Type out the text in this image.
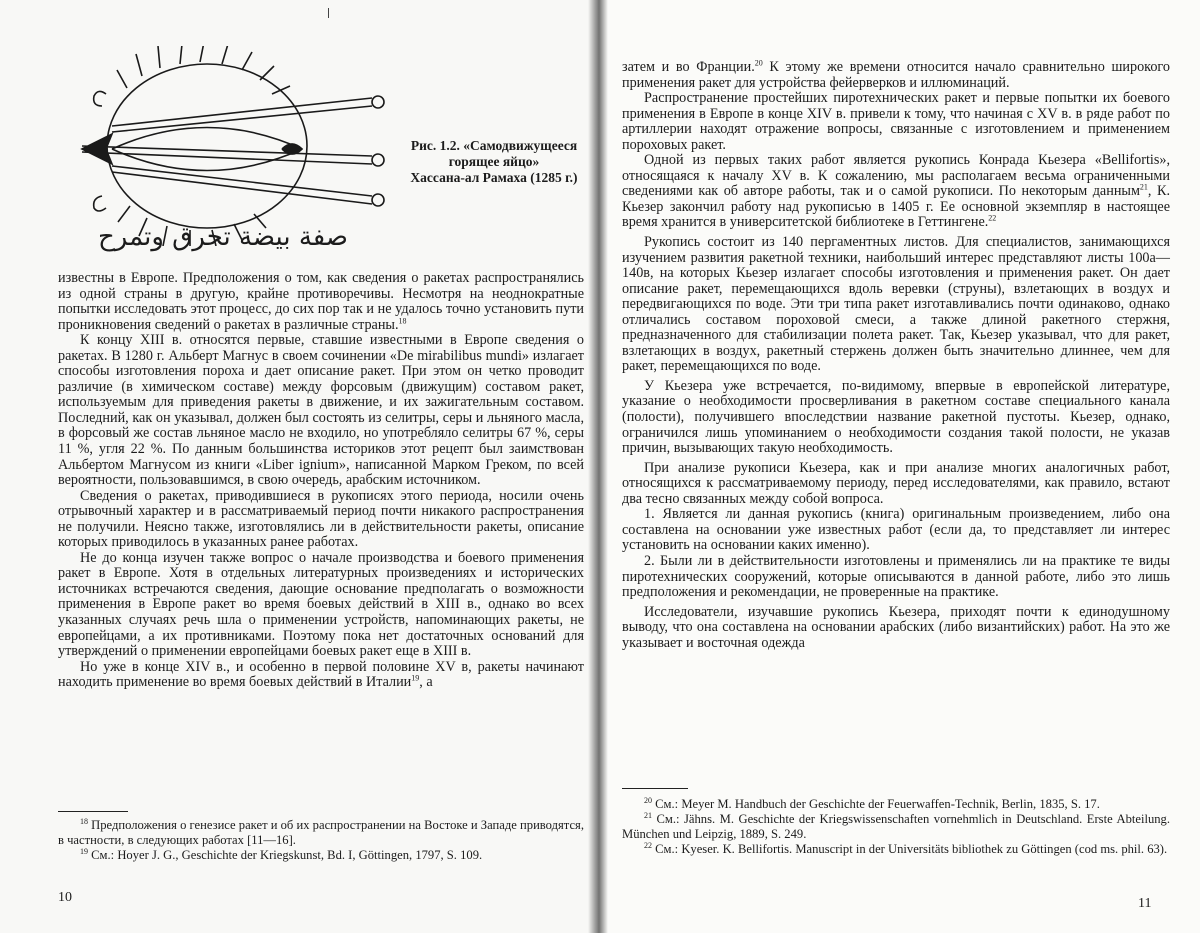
صفة بيضة تحرق وتمرح
Рис. 1.2. «Самодвижущееся
горящее яйцо»
Хассана-ал Рамаха (1285 г.)

известны в Европе. Предположения о том, как сведения о ракетах распространялись из одной страны в другую, крайне противоречивы. Несмотря на неоднократные попытки исследовать этот процесс, до сих пор так и не удалось точно установить пути проникновения сведений о ракетах в различные страны.$^{18}$

К концу XIII в. относятся первые, ставшие известными в Европе сведения о ракетах. В 1280 г. Альберт Магнус в своем сочинении «De mirabilibus mundi» излагает способы изготовления пороха и дает описание ракет. При этом он четко проводит различие (в химическом составе) между форсовым (движущим) составом ракет, используемым для приведения ракеты в движение, и их зажигательным составом. Последний, как он указывал, должен был состоять из селитры, серы и льняного масла, в форсовый же состав льняное масло не входило, но употребляло селитры 67 %, серы 11 %, угля 22 %. По данным большинства историков этот рецепт был заимствован Альбертом Магнусом из книги «Liber ignium», написанной Марком Греком, по всей вероятности, пользовавшимся, в свою очередь, арабским источником.

Сведения о ракетах, приводившиеся в рукописях этого периода, носили очень отрывочный характер и в рассматриваемый период почти никакого распространения не получили. Неясно также, изготовлялись ли в действительности ракеты, описание которых приводилось в указанных ранее работах.

Не до конца изучен также вопрос о начале производства и боевого применения ракет в Европе. Хотя в отдельных литературных произведениях и исторических источниках встречаются сведения, дающие основание предполагать о возможности применения в Европе ракет во время боевых действий в XIII в., однако во всех указанных случаях речь шла о применении устройств, напоминающих ракеты, не европейцами, а их противниками. Поэтому пока нет достаточных оснований для утверждений о применении европейцами боевых ракет еще в XIII в.

Но уже в конце XIV в., и особенно в первой половине XV в, ракеты начинают находить применение во время боевых действий в Италии$^{19}$, а

$^{18}$ Предположения о генезисе ракет и об их распространении на Востоке и Западе приводятся, в частности, в следующих работах [11—16].

$^{19}$ См.: Hoyer J. G., Geschichte der Kriegskunst, Bd. I, Göttingen, 1797, S. 109.

10

затем и во Франции.$^{20}$ К этому же времени относится начало сравнительно широкого применения ракет для устройства фейерверков и иллюминаций.

Распространение простейших пиротехнических ракет и первые попытки их боевого применения в Европе в конце XIV в. привели к тому, что начиная с XV в. в ряде работ по артиллерии находят отражение вопросы, связанные с изготовлением и применением пороховых ракет.

Одной из первых таких работ является рукопись Конрада Кьезера «Bellifortis», относящаяся к началу XV в. К сожалению, мы располагаем весьма ограниченными сведениями как об авторе работы, так и о самой рукописи. По некоторым данным$^{21}$, К. Кьезер закончил работу над рукописью в 1405 г. Ее основной экземпляр в настоящее время хранится в университетской библиотеке в Геттингене.$^{22}$

Рукопись состоит из 140 пергаментных листов. Для специалистов, занимающихся изучением развития ракетной техники, наибольший интерес представляют листы 100а—140в, на которых Кьезер излагает способы изготовления и применения ракет. Он дает описание ракет, перемещающихся вдоль веревки (струны), взлетающих в воздух и передвигающихся по воде. Эти три типа ракет изготавливались почти одинаково, однако отличались составом пороховой смеси, а также длиной ракетного стержня, предназначенного для стабилизации полета ракет. Так, Кьезер указывал, что для ракет, взлетающих в воздух, ракетный стержень должен быть значительно длиннее, чем для ракет, перемещающихся по воде.

У Кьезера уже встречается, по-видимому, впервые в европейской литературе, указание о необходимости просверливания в ракетном составе специального канала (полости), получившего впоследствии название ракетной пустоты. Кьезер, однако, ограничился лишь упоминанием о необходимости создания такой полости, не указав причин, вызывающих такую необходимость.

При анализе рукописи Кьезера, как и при анализе многих аналогичных работ, относящихся к рассматриваемому периоду, перед исследователями, как правило, встают два тесно связанных между собой вопроса.

1. Является ли данная рукопись (книга) оригинальным произведением, либо она составлена на основании уже известных работ (если да, то представляет ли интерес установить на основании каких именно).

2. Были ли в действительности изготовлены и применялись ли на практике те виды пиротехнических сооружений, которые описываются в данной работе, либо это лишь предположения и рекомендации, не проверенные на практике.

Исследователи, изучавшие рукопись Кьезера, приходят почти к единодушному выводу, что она составлена на основании арабских (либо византийских) работ. На это же указывает и восточная одежда

$^{20}$ См.: Meyer M. Handbuch der Geschichte der Feuerwaffen-Technik, Berlin, 1835, S. 17.

$^{21}$ См.: Jähns. M. Geschichte der Kriegswissenschaften vornehmlich in Deutschland. Erste Abteilung. München und Leipzig, 1889, S. 249.

$^{22}$ См.: Kyeser. K. Bellifortis. Manuscript in der Universitäts bibliothek zu Göttingen (cod ms. phil. 63).

11
